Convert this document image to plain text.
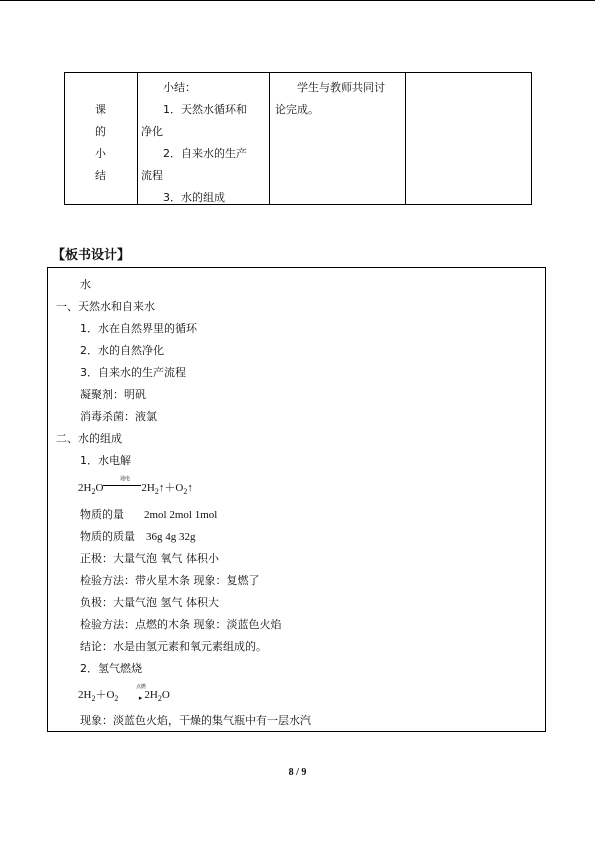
课
的
小
结
小结：
1．天然水循环和
净化
2．自来水的生产
流程
3．水的组成
学生与教师共同讨
论完成。
【板书设计】
水
一、天然水和自来水
1．水在自然界里的循环
2．水的自然净化
3．自来水的生产流程
凝聚剂：明矾
消毒杀菌：液氯
二、水的组成
1．水电解
通电
$2H_2O$	$2H_2↑+O_2↑$
物质的量 2mol 2mol 1mol
物质的质量 36g 4g 32g
正极：大量气泡 氧气 体积小
检验方法：带火星木条 现象：复燃了
负极：大量气泡 氢气 体积大
检验方法：点燃的木条 现象：淡蓝色火焰
结论：水是由氢元素和氧元素组成的。
2．氢气燃烧
点燃
$2H_2+O_2$	▸ $2H_2O$
现象：淡蓝色火焰，干燥的集气瓶中有一层水汽
8 / 9
